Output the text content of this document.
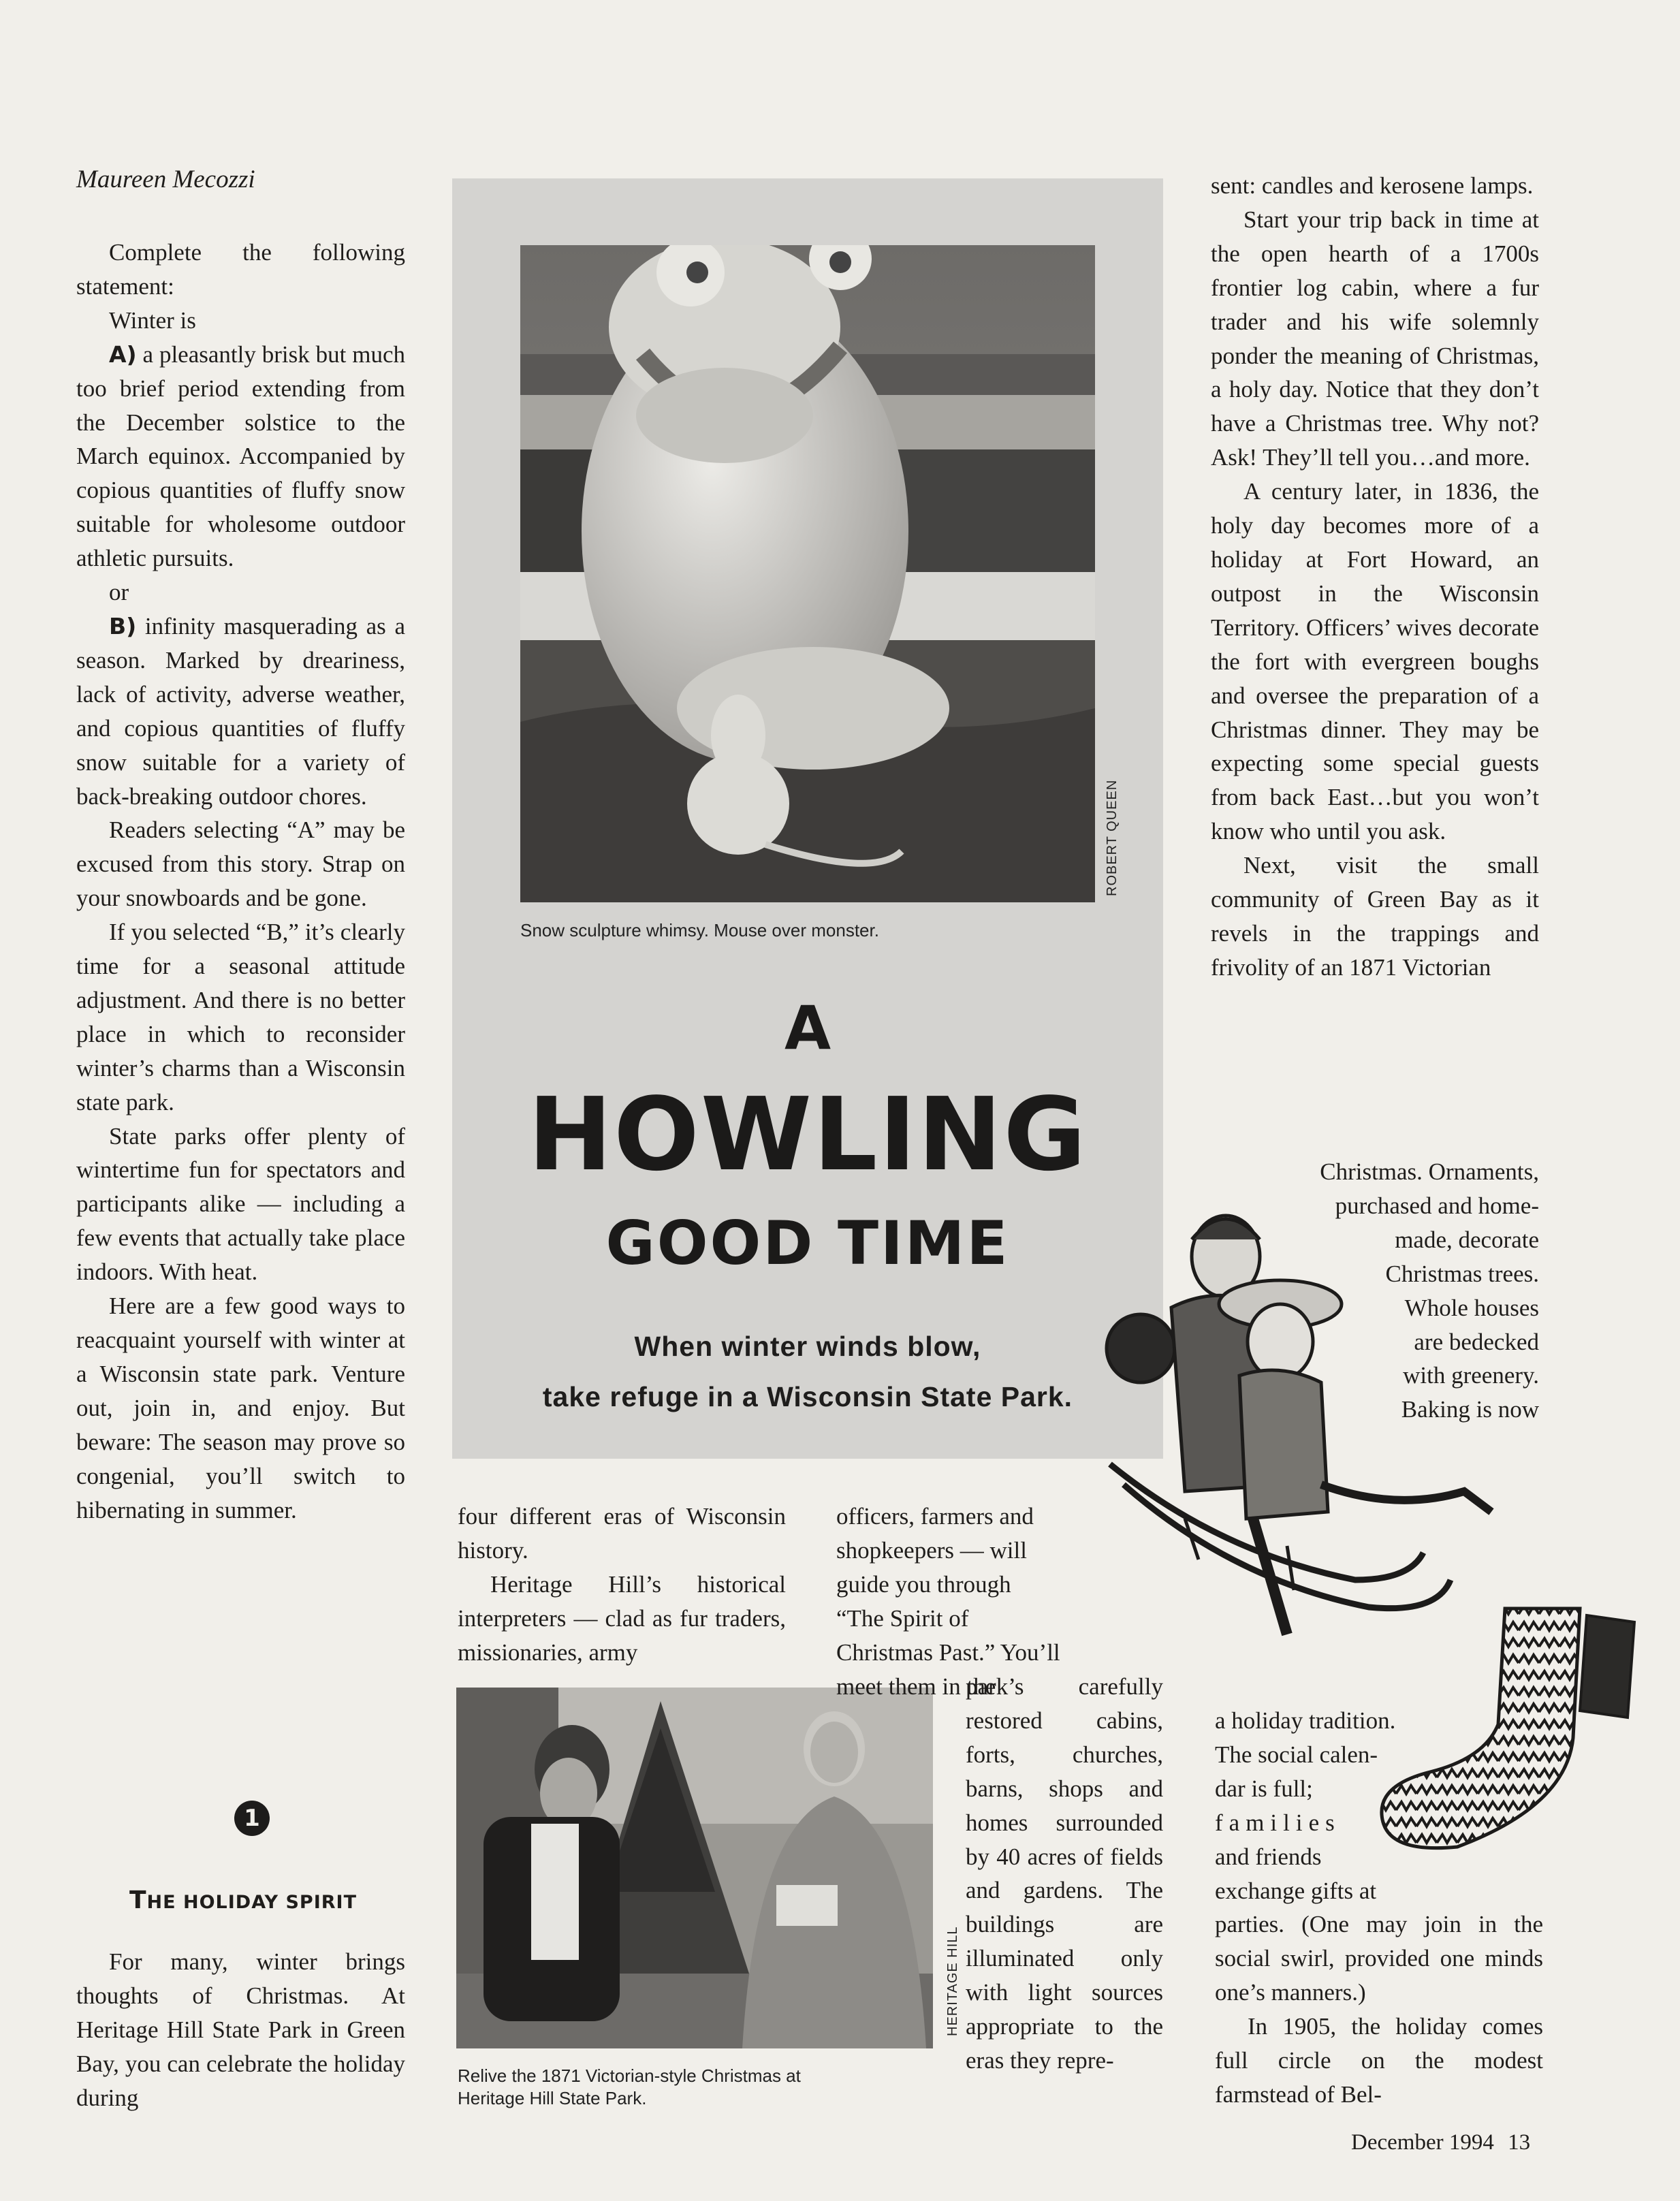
Maureen Mecozzi

Complete the following statement:

Winter is

A) a pleasantly brisk but much too brief period extending from the December solstice to the March equinox. Accompanied by copious quantities of fluffy snow suitable for wholesome outdoor athletic pursuits.

or

B) infinity masquerading as a season. Marked by dreariness, lack of activity, adverse weather, and copious quantities of fluffy snow suitable for a variety of back-breaking outdoor chores.

Readers selecting “A” may be excused from this story. Strap on your snowboards and be gone.

If you selected “B,” it’s clearly time for a seasonal attitude adjustment. And there is no better place in which to reconsider winter’s charms than a Wisconsin state park.

State parks offer plenty of wintertime fun for spectators and participants alike — including a few events that actually take place indoors. With heat.

Here are a few good ways to reacquaint yourself with winter at a Wisconsin state park. Venture out, join in, and enjoy. But beware: The season may prove so congenial, you’ll switch to hibernating in summer.

1
THE HOLIDAY SPIRIT

For many, winter brings thoughts of Christmas. At Heritage Hill State Park in Green Bay, you can celebrate the holiday during

ROBERT QUEEN
Snow sculpture whimsy. Mouse over monster.
A
HOWLING
GOOD TIME
When winter winds blow,
take refuge in a Wisconsin State Park.

four different eras of Wisconsin history.

Heritage Hill’s historical interpreters — clad as fur traders, missionaries, army

HERITAGE HILL
Relive the 1871 Victorian-style Christmas at
Heritage Hill State Park.

officers, farmers and shopkeepers — will guide you through “The Spirit of Christmas Past.” You’ll meet them in the

park’s carefully restored cabins, forts, churches, barns, shops and homes surrounded by 40 acres of fields and gardens. The buildings are illuminated only with light sources appropriate to the eras they repre-

sent: candles and kerosene lamps.

Start your trip back in time at the open hearth of a 1700s frontier log cabin, where a fur trader and his wife solemnly ponder the meaning of Christmas, a holy day. Notice that they don’t have a Christmas tree. Why not? Ask! They’ll tell you…and more.

A century later, in 1836, the holy day becomes more of a holiday at Fort Howard, an outpost in the Wisconsin Territory. Officers’ wives decorate the fort with evergreen boughs and oversee the preparation of a Christmas dinner. They may be expecting some special guests from back East…but you won’t know who until you ask.

Next, visit the small community of Green Bay as it revels in the trappings and frivolity of an 1871 Victorian

Christmas. Ornaments,
purchased and home-
made, decorate
Christmas trees.
Whole houses
are bedecked
with greenery.
Baking is now
a holiday tradition.
The social calen-
dar is full;
families
and friends
exchange gifts at

parties. (One may join in the social swirl, provided one minds one’s manners.)

In 1905, the holiday comes full circle on the modest farmstead of Bel-

December 1994 13
